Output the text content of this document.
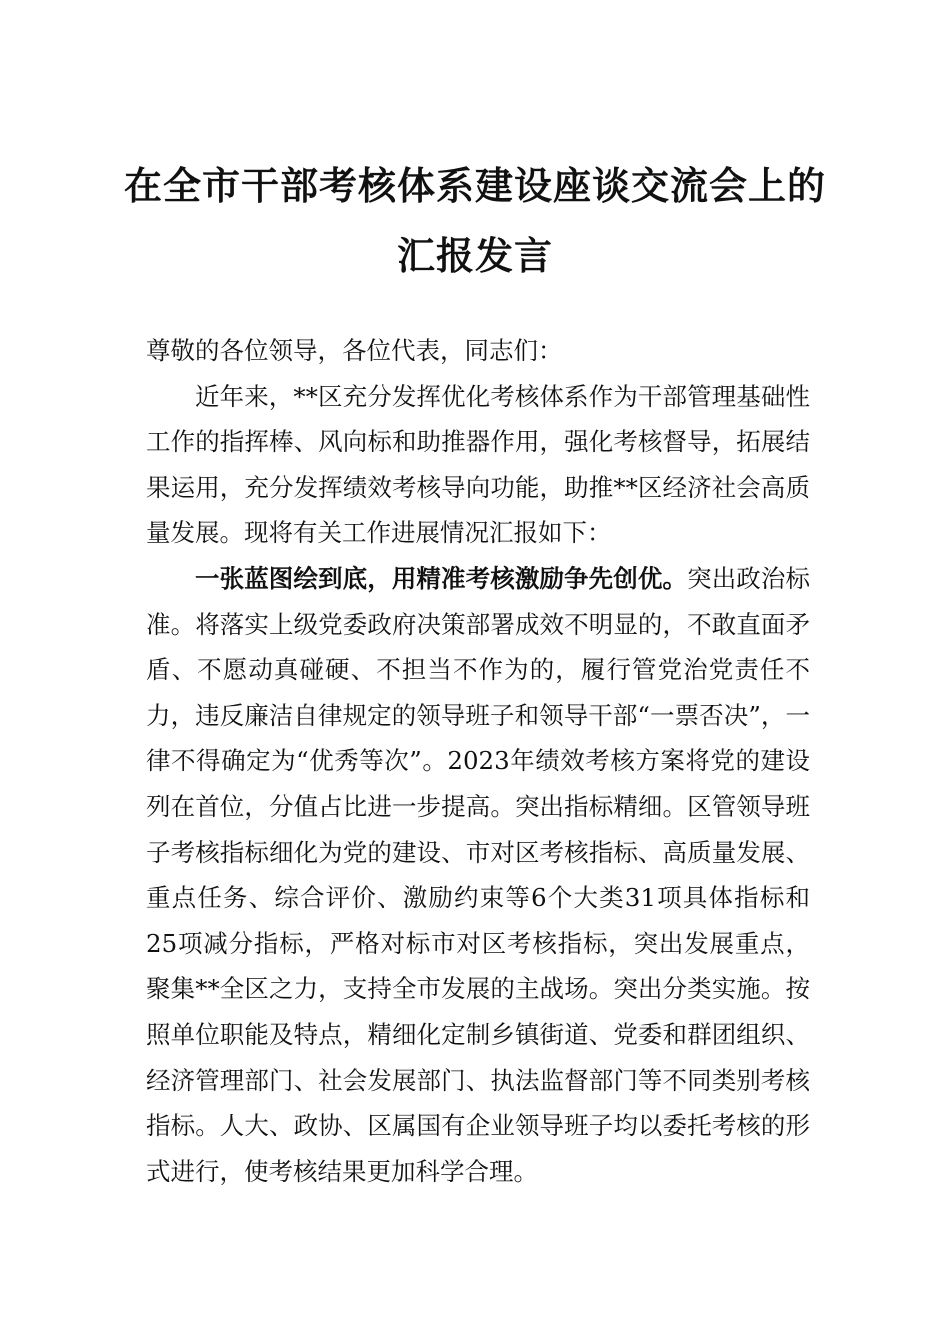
在全市干部考核体系建设座谈交流会上的
汇报发言

尊敬的各位领导，各位代表，同志们：

近年来，**区充分发挥优化考核体系作为干部管理基础性工作的指挥棒、风向标和助推器作用，强化考核督导，拓展结果运用，充分发挥绩效考核导向功能，助推**区经济社会高质量发展。现将有关工作进展情况汇报如下：

一张蓝图绘到底，用精准考核激励争先创优。突出政治标准。将落实上级党委政府决策部署成效不明显的，不敢直面矛盾、不愿动真碰硬、不担当不作为的，履行管党治党责任不力，违反廉洁自律规定的领导班子和领导干部“一票否决”，一律不得确定为“优秀等次”。2023年绩效考核方案将党的建设列在首位，分值占比进一步提高。突出指标精细。区管领导班子考核指标细化为党的建设、市对区考核指标、高质量发展、重点任务、综合评价、激励约束等6个大类31项具体指标和25项减分指标，严格对标市对区考核指标，突出发展重点，聚集**全区之力，支持全市发展的主战场。突出分类实施。按照单位职能及特点，精细化定制乡镇街道、党委和群团组织、经济管理部门、社会发展部门、执法监督部门等不同类别考核指标。人大、政协、区属国有企业领导班子均以委托考核的形式进行，使考核结果更加科学合理。
